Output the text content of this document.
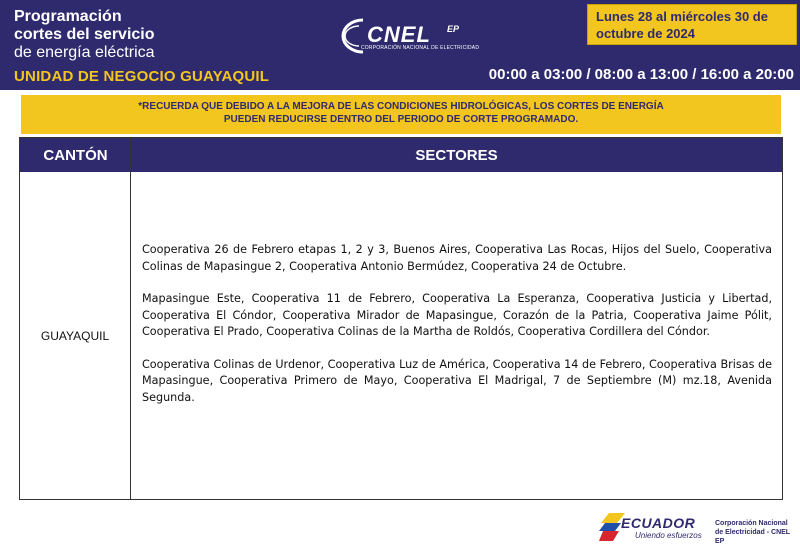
Programación
cortes del servicio
de energía eléctrica
CNEL EP
CORPORACIÓN NACIONAL DE ELECTRICIDAD
Lunes 28 al miércoles 30 de
octubre de 2024
UNIDAD DE NEGOCIO GUAYAQUIL	00:00 a 03:00 / 08:00 a 13:00 / 16:00 a 20:00
*RECUERDA QUE DEBIDO A LA MEJORA DE LAS CONDICIONES HIDROLÓGICAS, LOS CORTES DE ENERGÍA
PUEDEN REDUCIRSE DENTRO DEL PERIODO DE CORTE PROGRAMADO.
CANTÓN	SECTORES
GUAYAQUIL

Cooperativa 26 de Febrero etapas 1, 2 y 3, Buenos Aires, Cooperativa Las Rocas, Hijos del Suelo, Cooperativa Colinas de Mapasingue 2, Cooperativa Antonio Bermúdez, Cooperativa 24 de Octubre.

Mapasingue Este, Cooperativa 11 de Febrero, Cooperativa La Esperanza, Cooperativa Justicia y Libertad, Cooperativa El Cóndor, Cooperativa Mirador de Mapasingue, Corazón de la Patria, Cooperativa Jaime Pólit, Cooperativa El Prado, Cooperativa Colinas de la Martha de Roldós, Cooperativa Cordillera del Cóndor.

Cooperativa Colinas de Urdenor, Cooperativa Luz de América, Cooperativa 14 de Febrero, Cooperativa Brisas de Mapasingue, Cooperativa Primero de Mayo, Cooperativa El Madrigal, 7 de Septiembre (M) mz.18, Avenida Segunda.

ECUADOR
Uniendo esfuerzos
Corporación Nacional
de Electricidad - CNEL EP
